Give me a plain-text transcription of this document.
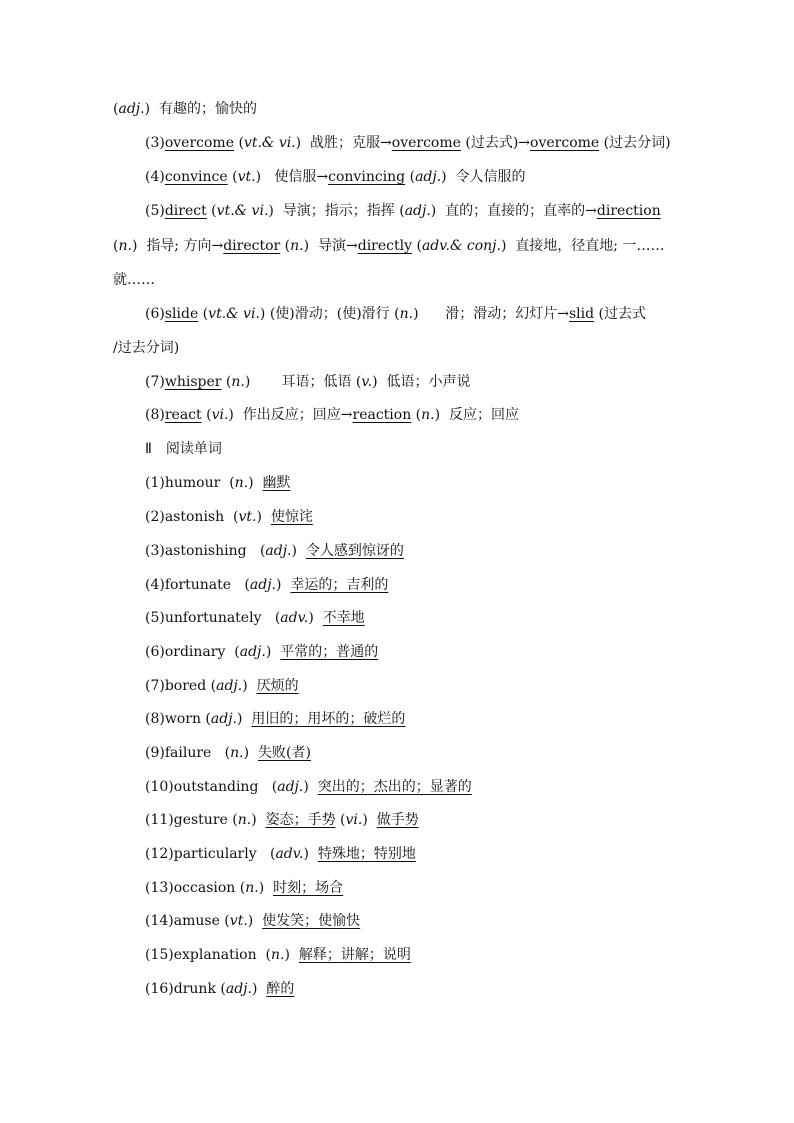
(adj.)  有趣的；愉快的
(3)overcome (vt.& vi.)  战胜；克服→overcome (过去式)→overcome (过去分词)
(4)convince (vt.)   使信服→convincing (adj.)  令人信服的
(5)direct (vt.& vi.)  导演；指示；指挥 (adj.)  直的；直接的；直率的→direction
(n.)  指导; 方向→director (n.)  导演→directly (adv.& conj.)  直接地，径直地; 一……
就……
(6)slide (vt.& vi.) (使)滑动；(使)滑行 (n.)      滑；滑动；幻灯片→slid (过去式
/过去分词)
(7)whisper (n.)       耳语；低语 (v.)  低语；小声说
(8)react (vi.)  作出反应；回应→reaction (n.)  反应；回应
Ⅱ　阅读单词
(1)humour  (n.)  幽默
(2)astonish  (vt.)  使惊诧
(3)astonishing   (adj.)  令人感到惊讶的
(4)fortunate   (adj.)  幸运的；吉利的
(5)unfortunately   (adv.)  不幸地
(6)ordinary  (adj.)  平常的；普通的
(7)bored (adj.)  厌烦的
(8)worn (adj.)  用旧的；用坏的；破烂的
(9)failure   (n.)  失败(者)
(10)outstanding   (adj.)  突出的；杰出的；显著的
(11)gesture (n.)  姿态；手势 (vi.)  做手势
(12)particularly   (adv.)  特殊地；特别地
(13)occasion (n.)  时刻；场合
(14)amuse (vt.)  使发笑；使愉快
(15)explanation  (n.)  解释；讲解；说明
(16)drunk (adj.)  醉的
